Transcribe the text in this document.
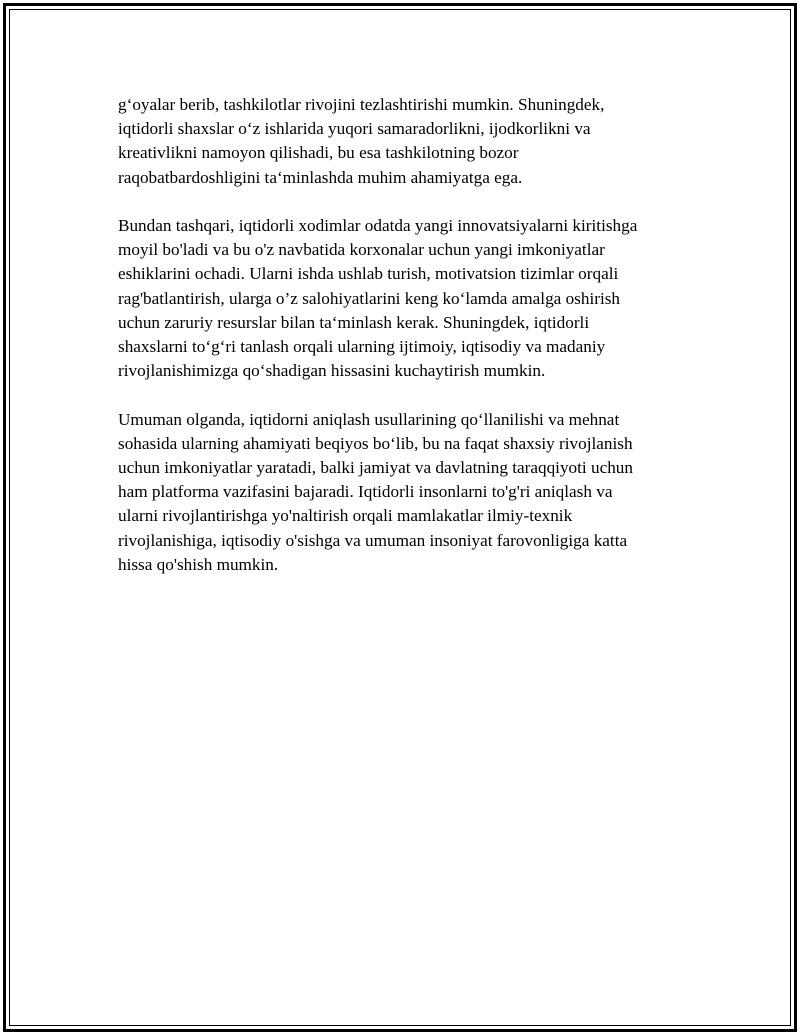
g‘oyalar berib, tashkilotlar rivojini tezlashtirishi mumkin. Shuningdek,
iqtidorli shaxslar o‘z ishlarida yuqori samaradorlikni, ijodkorlikni va
kreativlikni namoyon qilishadi, bu esa tashkilotning bozor
raqobatbardoshligini ta‘minlashda muhim ahamiyatga ega.

Bundan tashqari, iqtidorli xodimlar odatda yangi innovatsiyalarni kiritishga
moyil bo'ladi va bu o'z navbatida korxonalar uchun yangi imkoniyatlar
eshiklarini ochadi. Ularni ishda ushlab turish, motivatsion tizimlar orqali
rag'batlantirish, ularga o’z salohiyatlarini keng ko‘lamda amalga oshirish
uchun zaruriy resurslar bilan ta‘minlash kerak. Shuningdek, iqtidorli
shaxslarni to‘g‘ri tanlash orqali ularning ijtimoiy, iqtisodiy va madaniy
rivojlanishimizga qo‘shadigan hissasini kuchaytirish mumkin.

Umuman olganda, iqtidorni aniqlash usullarining qo‘llanilishi va mehnat
sohasida ularning ahamiyati beqiyos bo‘lib, bu na faqat shaxsiy rivojlanish
uchun imkoniyatlar yaratadi, balki jamiyat va davlatning taraqqiyoti uchun
ham platforma vazifasini bajaradi. Iqtidorli insonlarni to'g'ri aniqlash va
ularni rivojlantirishga yo'naltirish orqali mamlakatlar ilmiy-texnik
rivojlanishiga, iqtisodiy o'sishga va umuman insoniyat farovonligiga katta
hissa qo'shish mumkin.
